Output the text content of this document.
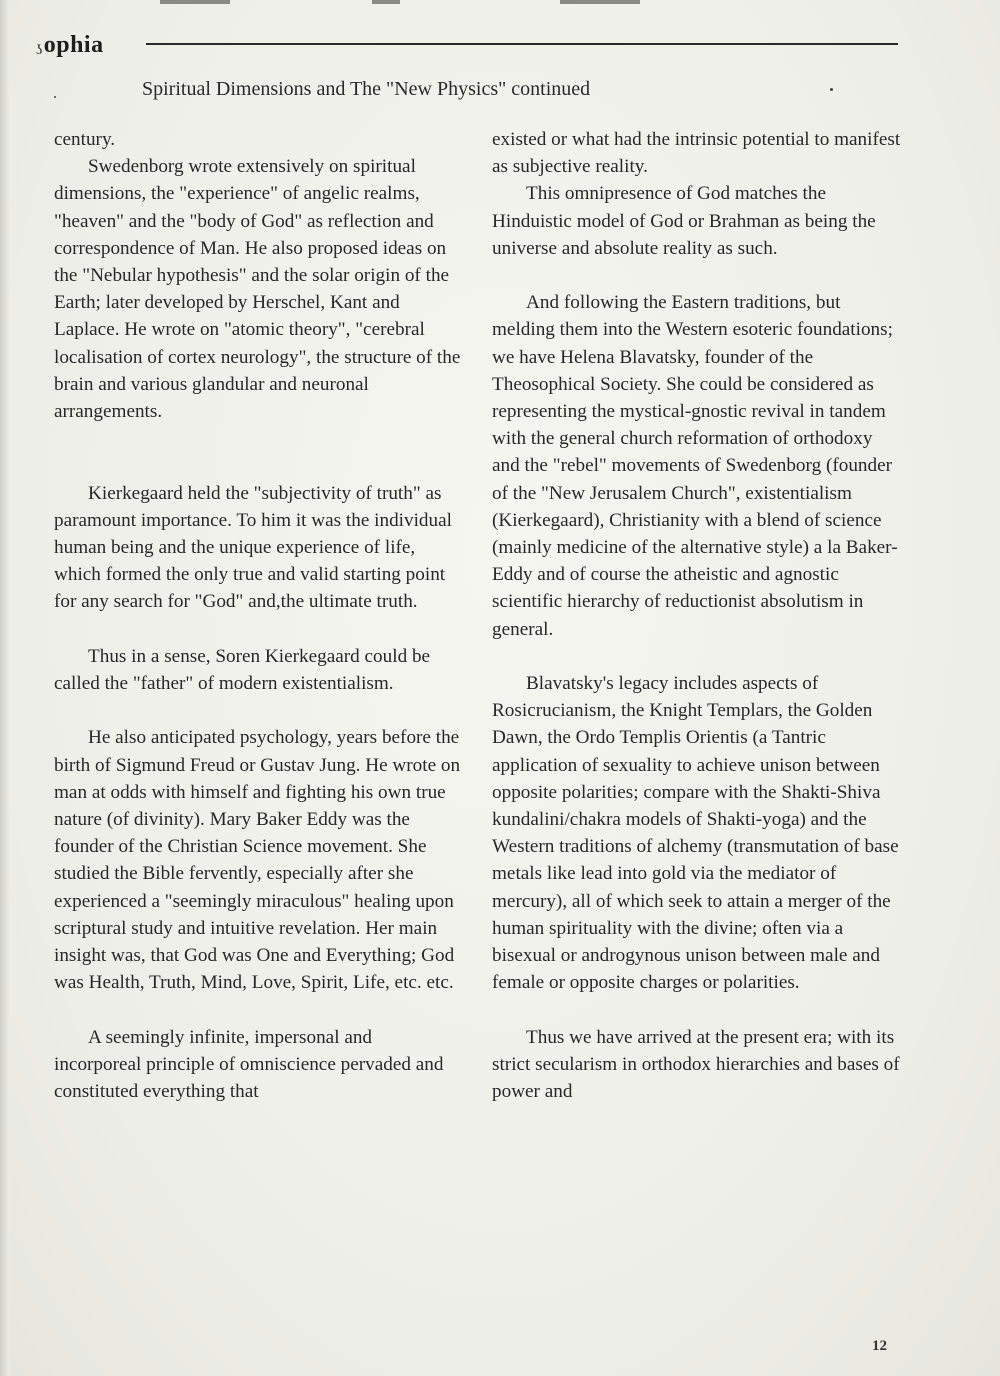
ʖophia
Spiritual Dimensions and The "New Physics" continued

century.

Swedenborg wrote extensively on spiritual dimensions, the "experience" of angelic realms, "heaven" and the "body of God" as reflection and correspondence of Man. He also proposed ideas on the "Nebular hypothesis" and the solar origin of the Earth; later developed by Herschel, Kant and Laplace. He wrote on "atomic theory", "cerebral localisation of cortex neurology", the structure of the brain and various glandular and neuronal arrangements.

Kierkegaard held the "subjectivity of truth" as paramount importance. To him it was the individual human being and the unique experience of life, which formed the only true and valid starting point for any search for "God" and,the ultimate truth.

Thus in a sense, Soren Kierkegaard could be called the "father" of modern existentialism.

He also anticipated psychology, years before the birth of Sigmund Freud or Gustav Jung. He wrote on man at odds with himself and fighting his own true nature (of divinity). Mary Baker Eddy was the founder of the Christian Science movement. She studied the Bible fervently, especially after she experienced a "seemingly miraculous" healing upon scriptural study and intuitive revelation. Her main insight was, that God was One and Everything; God was Health, Truth, Mind, Love, Spirit, Life, etc. etc.

A seemingly infinite, impersonal and incorporeal principle of omniscience pervaded and constituted everything that

existed or what had the intrinsic potential to manifest as subjective reality.

This omnipresence of God matches the Hinduistic model of God or Brahman as being the universe and absolute reality as such.

And following the Eastern traditions, but melding them into the Western esoteric foundations; we have Helena Blavatsky, founder of the Theosophical Society. She could be considered as representing the mystical-gnostic revival in tandem with the general church reformation of orthodoxy and the "rebel" movements of Swedenborg (founder of the "New Jerusalem Church", existentialism (Kierkegaard), Christianity with a blend of science (mainly medicine of the alternative style) a la Baker-Eddy and of course the atheistic and agnostic scientific hierarchy of reductionist absolutism in general.

Blavatsky's legacy includes aspects of Rosicrucianism, the Knight Templars, the Golden Dawn, the Ordo Templis Orientis (a Tantric application of sexuality to achieve unison between opposite polarities; compare with the Shakti-Shiva kundalini/chakra models of Shakti-yoga) and the Western traditions of alchemy (transmutation of base metals like lead into gold via the mediator of mercury), all of which seek to attain a merger of the human spirituality with the divine; often via a bisexual or androgynous unison between male and female or opposite charges or polarities.

Thus we have arrived at the present era; with its strict secularism in orthodox hierarchies and bases of power and

12
